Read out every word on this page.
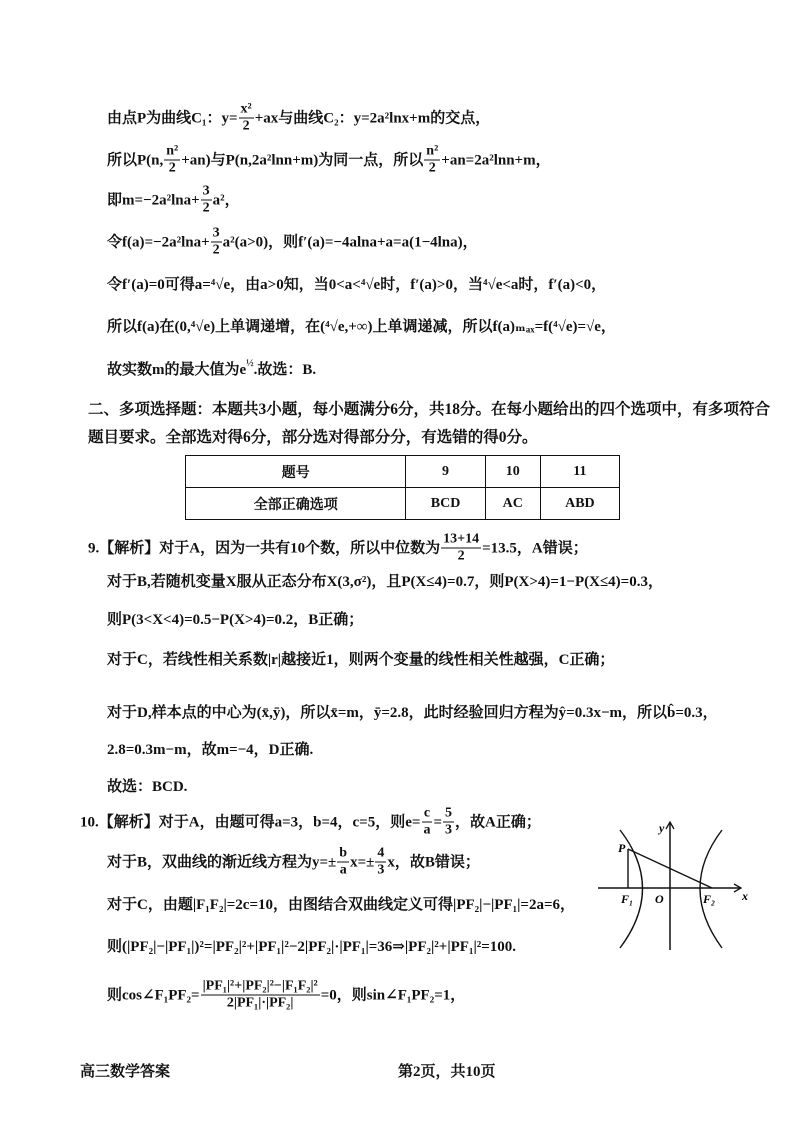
由点P为曲线C₁：$y= \frac{\text{x²}}{2} +ax$与曲线C₂：y=2a²lnx+m的交点，
所以P(n, $\frac{\text{n²}}{2} +an$)与P(n,2a²lnn+m)为同一点，所以 $\frac{\text{n²}}{2} +an=2a^2\ln n+m$，
即$m=-2a^2\ln a+ \frac{3}{2} a^2$，
令$f(a)=-2a^2\ln a+ \frac{3}{2} a^2(a>0)$，则f′(a)=−4alna+a=a(1−4lna)，
令f′(a)=0可得a=⁴√e，由a>0知，当0<a<⁴√e时，f′(a)>0，当⁴√e<a时，f′(a)<0，
所以f(a)在(0,⁴√e)上单调递增，在(⁴√e,+∞)上单调递减，所以f(a)ₘₐₓ=f(⁴√e)=√e，
故实数m的最大值为e ½ .故选：B.
二、多项选择题：本题共3小题，每小题满分6分，共18分。在每小题给出的四个选项中，有多项符合
题目要求。全部选对得6分，部分选对得部分分，有选错的得0分。
9.【解析】对于A，因为一共有10个数，所以中位数为 $\frac{13+14}{2} =13.5$，A错误；
对于B,若随机变量X服从正态分布X(3,σ²)，且P(X≤4)=0.7，则P(X>4)=1−P(X≤4)=0.3，
则P(3<X<4)=0.5−P(X>4)=0.2，B正确；
对于C，若线性相关系数|r|越接近1，则两个变量的线性相关性越强，C正确；
对于D,样本点的中心为(x̄,ȳ)，所以x̄=m，ȳ=2.8，此时经验回归方程为ŷ=0.3x−m，所以b̂=0.3，
2.8=0.3m−m，故m=−4，D正确.
故选：BCD.
10.【解析】对于A，由题可得a=3，b=4，c=5，则$e= \frac{c}{a} = \frac{5}{3}$ ，故A正确；
对于B，双曲线的渐近线方程为$y=\pm \frac{b}{a} x=\pm \frac{4}{3}$ x，故B错误；
对于C，由题|F₁F₂|=2c=10，由图结合双曲线定义可得|PF₂|−|PF₁|=2a=6，
则(|PF₂|−|PF₁|)²=|PF₂|²+|PF₁|²−2|PF₂|·|PF₁|=36⇒|PF₂|²+|PF₁|²=100.
则cos∠F₁PF₂= $\frac{\text{|PF₁|²+|PF₂|²−|F₁F₂|²}}{\text{2|PF₁|·|PF₂|}} =0$，则sin∠F₁PF₂=1，
题号	9	10	11
全部正确选项	BCD	AC	ABD
y
x
P
F₁ O	F₂
高三数学答案	第2页，共10页
